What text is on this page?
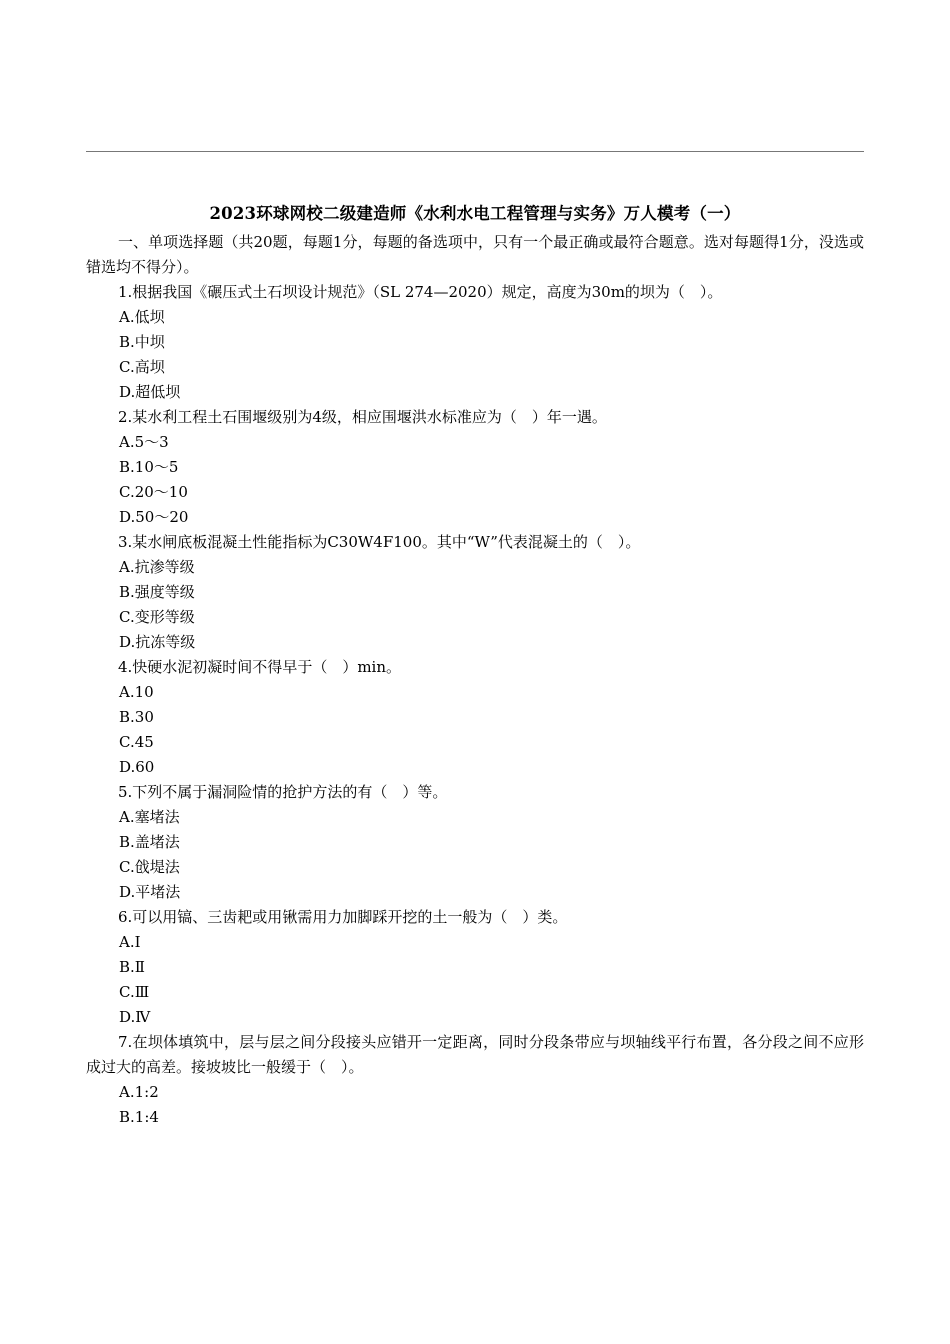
2023环球网校二级建造师《水利水电工程管理与实务》万人模考（一）
一、单项选择题（共20题，每题1分，每题的备选项中，只有一个最正确或最符合题意。选对每题得1分，没选或错选均不得分）。
1.根据我国《碾压式土石坝设计规范》（SL 274—2020）规定，高度为30m的坝为（　）。
A.低坝
B.中坝
C.高坝
D.超低坝
2.某水利工程土石围堰级别为4级，相应围堰洪水标准应为（　）年一遇。
A.5～3
B.10～5
C.20～10
D.50～20
3.某水闸底板混凝土性能指标为C30W4F100。其中“W”代表混凝土的（　）。
A.抗渗等级
B.强度等级
C.变形等级
D.抗冻等级
4.快硬水泥初凝时间不得早于（　）min。
A.10
B.30
C.45
D.60
5.下列不属于漏洞险情的抢护方法的有（　）等。
A.塞堵法
B.盖堵法
C.戗堤法
D.平堵法
6.可以用镐、三齿耙或用锹需用力加脚踩开挖的土一般为（　）类。
A.Ⅰ
B.Ⅱ
C.Ⅲ
D.Ⅳ
7.在坝体填筑中，层与层之间分段接头应错开一定距离，同时分段条带应与坝轴线平行布置，各分段之间不应形成过大的高差。接坡坡比一般缓于（　）。
A.1:2
B.1:4
